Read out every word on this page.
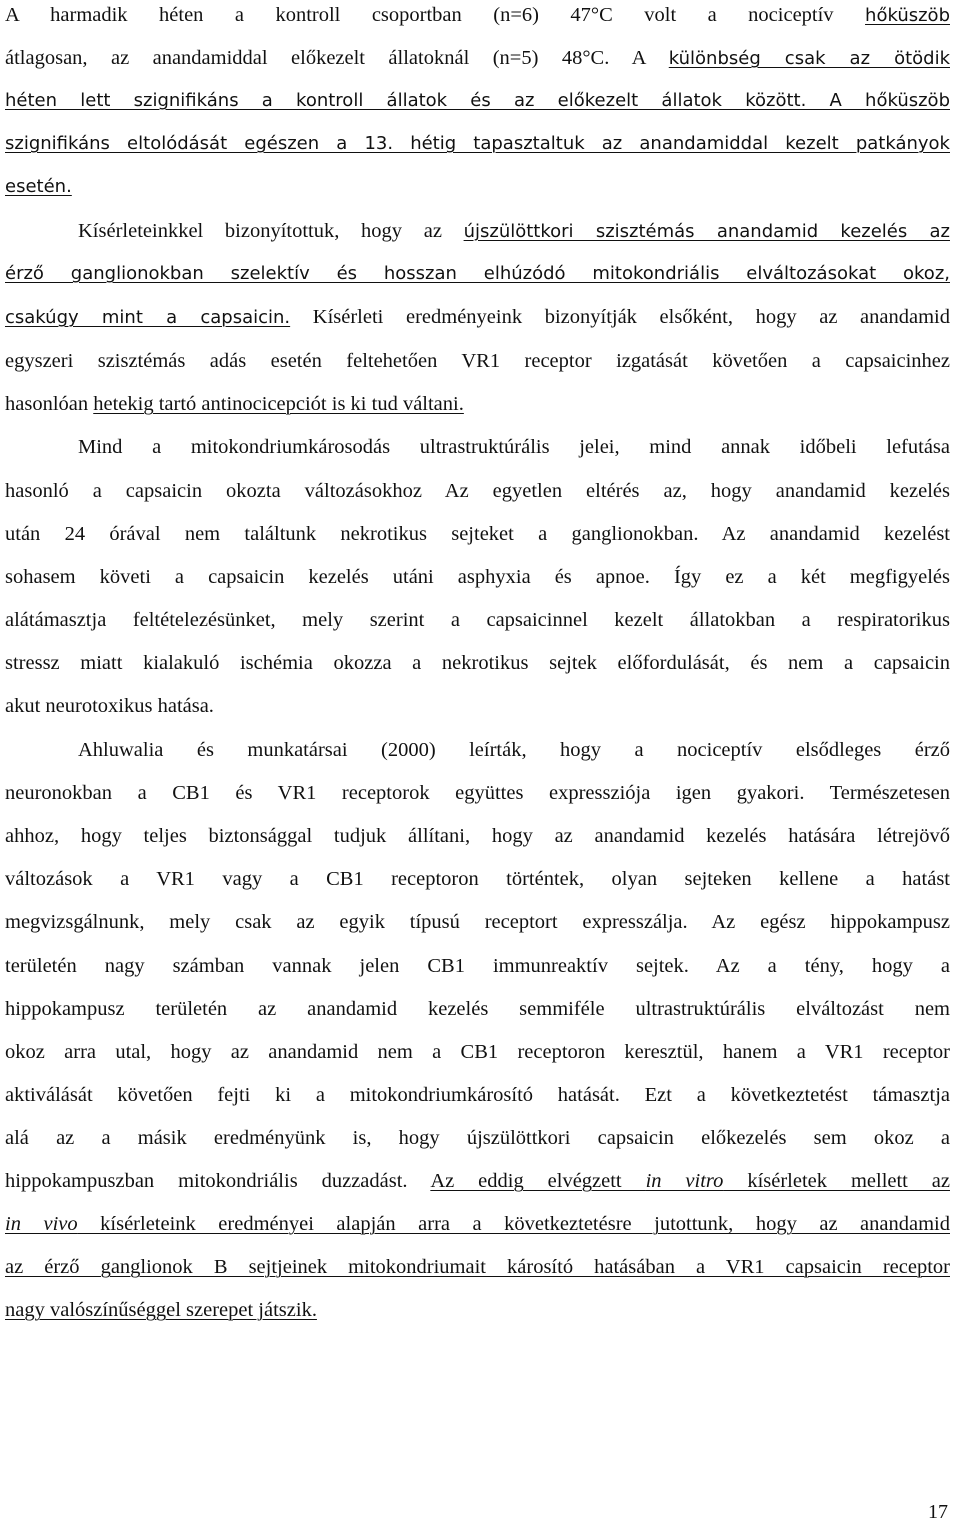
A harmadik héten a kontroll csoportban (n=6) 47°C volt a nociceptív hőküszöb
átlagosan, az anandamiddal előkezelt állatoknál (n=5) 48°C. A különbség csak az ötödik
héten lett szignifikáns a kontroll állatok és az előkezelt állatok között. A hőküszöb
szignifikáns eltolódását egészen a 13. hétig tapasztaltuk az anandamiddal kezelt patkányok
esetén.
Kísérleteinkkel bizonyítottuk, hogy az újszülöttkori szisztémás anandamid kezelés az
érző ganglionokban szelektív és hosszan elhúzódó mitokondriális elváltozásokat okoz,
csakúgy mint a capsaicin. Kísérleti eredményeink bizonyítják elsőként, hogy az anandamid
egyszeri szisztémás adás esetén feltehetően VR1 receptor izgatását követően a capsaicinhez
hasonlóan hetekig tartó antinocicepciót is ki tud váltani.
Mind a mitokondriumkárosodás ultrastruktúrális jelei, mind annak időbeli lefutása
hasonló a capsaicin okozta változásokhoz Az egyetlen eltérés az, hogy anandamid kezelés
után 24 órával nem találtunk nekrotikus sejteket a ganglionokban. Az anandamid kezelést
sohasem követi a capsaicin kezelés utáni asphyxia és apnoe. Így ez a két megfigyelés
alátámasztja feltételezésünket, mely szerint a capsaicinnel kezelt állatokban a respiratorikus
stressz miatt kialakuló ischémia okozza a nekrotikus sejtek előfordulását, és nem a capsaicin
akut neurotoxikus hatása.
Ahluwalia és munkatársai (2000) leírták, hogy a nociceptív elsődleges érző
neuronokban a CB1 és VR1 receptorok együttes expressziója igen gyakori. Természetesen
ahhoz, hogy teljes biztonsággal tudjuk állítani, hogy az anandamid kezelés hatására létrejövő
változások a VR1 vagy a CB1 receptoron történtek, olyan sejteken kellene a hatást
megvizsgálnunk, mely csak az egyik típusú receptort expresszálja. Az egész hippokampusz
területén nagy számban vannak jelen CB1 immunreaktív sejtek. Az a tény, hogy a
hippokampusz területén az anandamid kezelés semmiféle ultrastruktúrális elváltozást nem
okoz arra utal, hogy az anandamid nem a CB1 receptoron keresztül, hanem a VR1 receptor
aktiválását követően fejti ki a mitokondriumkárosító hatását. Ezt a következtetést támasztja
alá az a másik eredményünk is, hogy újszülöttkori capsaicin előkezelés sem okoz a
hippokampuszban mitokondriális duzzadást. Az eddig elvégzett in vitro kísérletek mellett az
in vivo kísérleteink eredményei alapján arra a következtetésre jutottunk, hogy az anandamid
az érző ganglionok B sejtjeinek mitokondriumait károsító hatásában a VR1 capsaicin receptor
nagy valószínűséggel szerepet játszik.
17
